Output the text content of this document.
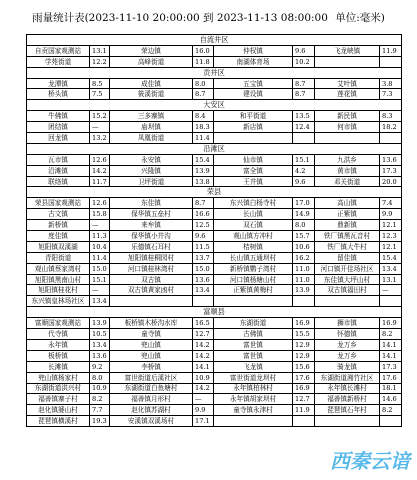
雨量统计表(2023-11-10 20:00:00 到 2023-11-13 08:00:00 单位:毫米)
自流井区							
自贡国家观测站	13.1	荣边镇	16.0	仲权镇	9.6	飞龙峡镇	11.9
学苑街道	12.2	高峰街道	11.8	南湖体育场	10.2		
贡井区							
龙潭镇	8.5	成佳镇	8.0	五宝镇	8.7	艾叶镇	3.8
桥头镇	7.5	筱溪街道	8.7	建设镇	8.7	莲花镇	7.3
大安区							
牛佛镇	15.2	三多寨镇	8.4	和平街道	13.5	新民镇	8.3
团结镇	—	庙坝镇	18.3	新店镇	12.4	何市镇	18.2
回龙镇	13.2	凤凰街道	11.4				
沿滩区							
瓦市镇	12.6	永安镇	15.4	仙市镇	15.1	九洪乡	13.6
沿滩镇	14.2	兴隆镇	13.9	富全镇	4.2	黄市镇	17.3
联络镇	11.7	卫坪街道	13.8	王井镇	9.6	邓关街道	20.0
荣县							
荣县国家观测站	12.6	东佳镇	8.7	东兴镇白杨寺村	17.0	高山镇	7.4
古文镇	15.8	保华镇五垒村	16.6	长山镇	14.9	正紫镇	9.9
新桥镇	—	来牟镇	12.5	双石镇	8.0	鼎新镇	12.1
度佳镇	11.3	保华镇小井沟	9.6	观山镇方冲村	15.7	铁厂镇黑瓦音村	12.3
旭阳镇双溪湖	10.4	乐德镇石耳村	11.5	桔树镇	10.6	铁厂镇大牛村	12.1
青阳街道	11.4	旭阳镇桂桐园村	13.7	长山镇五通坝村	16.2	留佳镇	15.4
观山镇蔡家湾村	15.0	河口镇桂林湾村	15.0	新桥镇鹦子湾村	11.0	河口镇开佳场社区	13.4
旭阳镇黑南山村	15.1	双古镇	13.6	河口镇杨塘山村	11.0	东佳镇大坪山村	13.1
旭阳镇桂花村	—	双古镇黄家凼村	13.4	正紫镇黄梅村	13.9	双古镇福田村	—
东兴镇皇林场社区	13.4						
富顺县							
富顺国家观测站	13.9	板桥镇木桥沟水库	16.5	东湖街道	16.9	狮市镇	16.9
代寺镇	10.5	童寺镇	12.7	古佛镇	15.5	怀德镇	8.2
永年镇	13.4	兜山镇	14.2	富世镇	12.9	龙万乡	14.1
板桥镇	13.6	兜山镇	14.2	富世镇	12.9	龙万乡	14.1
长滩镇	9.2	李桥镇	14.1	飞龙镇	15.6	骑龙镇	17.3
兜山镇杨家村	8.0	富世街道后溪社区	10.9	富世街道龙坝村	17.6	东湖街道湘竹社区	17.6
东湖街道洪兴村	10.9	东湖街道白鱼塘村	14.2	永年镇柏林村	16.9	永年镇长滩村	18.1
福善镇寨子村	8.2	福善镇月形村	—	永年镇胡家坝村	12.7	福善镇新桥村	14.6
赵化镇婆山村	7.7	赵化镇苏湖村	9.9	童寺镇永津村	11.9	琵琶镇石年村	8.2
琵琶镇横溪村	19.3	安溪镇双溪场村	17.1				
西秦云谙
